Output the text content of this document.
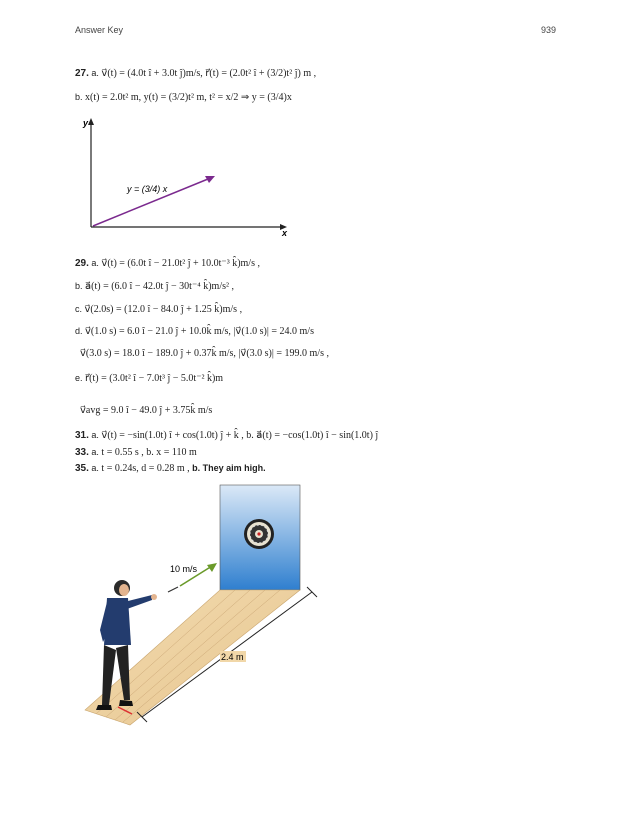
Answer Key	939
27. a. v⃗(t) = (4.0t î + 3.0t ĵ)m/s, r⃗(t) = (2.0t² î + (3/2)t² ĵ) m ,
b. x(t) = 2.0t² m, y(t) = (3/2)t² m, t² = x/2 ⇒ y = (3/4)x
y
x
y = (3/4) x
29. a. v⃗(t) = (6.0t î − 21.0t² ĵ + 10.0t⁻³ k̂)m/s ,
b. a⃗(t) = (6.0 î − 42.0t ĵ − 30t⁻⁴ k̂)m/s² ,
c. v⃗(2.0s) = (12.0 î − 84.0 ĵ + 1.25 k̂)m/s ,
d. v⃗(1.0 s) = 6.0 î − 21.0 ĵ + 10.0k̂ m/s, |v⃗(1.0 s)| = 24.0 m/s
v⃗(3.0 s) = 18.0 î − 189.0 ĵ + 0.37k̂ m/s, |v⃗(3.0 s)| = 199.0 m/s ,
e. r⃗(t) = (3.0t² î − 7.0t³ ĵ − 5.0t⁻² k̂)m
v⃗avg = 9.0 î − 49.0 ĵ + 3.75k̂ m/s
31. a. v⃗(t) = −sin(1.0t) î + cos(1.0t) ĵ + k̂ , b. a⃗(t) = −cos(1.0t) î − sin(1.0t) ĵ
33. a. t = 0.55 s , b. x = 110 m
35. a. t = 0.24s, d = 0.28 m , b. They aim high.
10 m/s
2.4 m
